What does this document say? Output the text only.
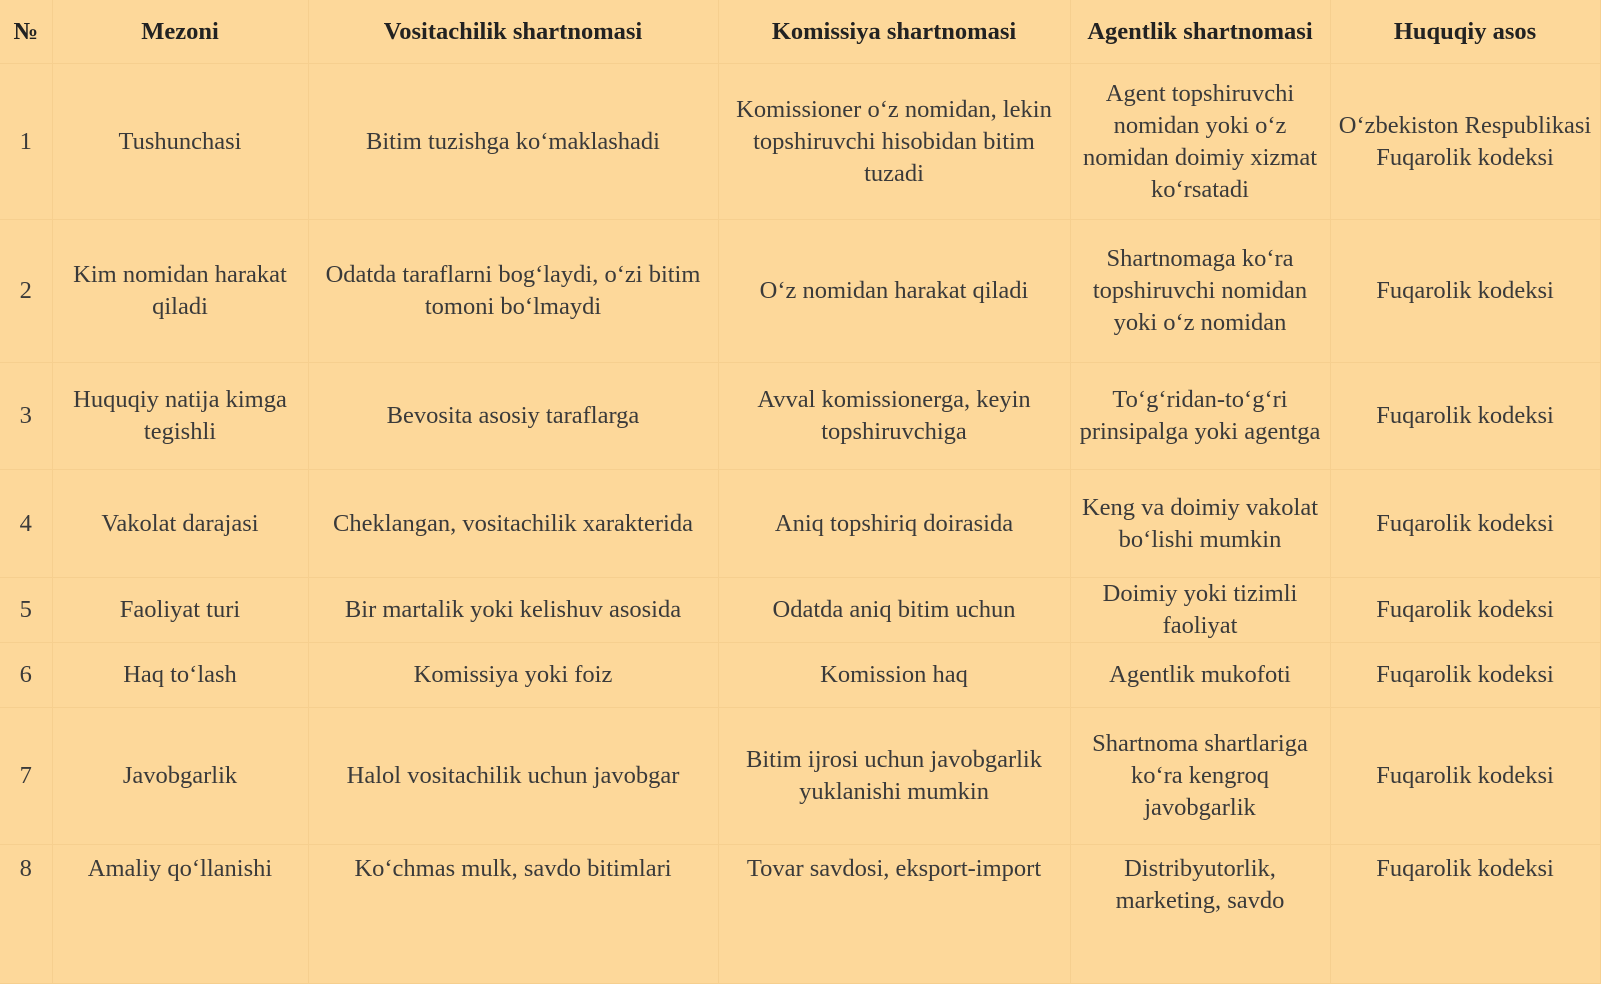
№	Mezoni	Vositachilik shartnomasi	Komissiya shartnomasi	Agentlik shartnomasi	Huquqiy asos
1	Tushunchasi	Bitim tuzishga ko‘maklashadi	Komissioner o‘z nomidan, lekin topshiruvchi hisobidan bitim tuzadi	Agent topshiruvchi nomidan yoki o‘z nomidan doimiy xizmat ko‘rsatadi	O‘zbekiston Respublikasi Fuqarolik kodeksi
2	Kim nomidan harakat qiladi	Odatda taraflarni bog‘laydi, o‘zi bitim tomoni bo‘lmaydi	O‘z nomidan harakat qiladi	Shartnomaga ko‘ra topshiruvchi nomidan yoki o‘z nomidan	Fuqarolik kodeksi
3	Huquqiy natija kimga tegishli	Bevosita asosiy taraflarga	Avval komissionerga, keyin topshiruvchiga	To‘g‘ridan-to‘g‘ri prinsipalga yoki agentga	Fuqarolik kodeksi
4	Vakolat darajasi	Cheklangan, vositachilik xarakterida	Aniq topshiriq doirasida	Keng va doimiy vakolat bo‘lishi mumkin	Fuqarolik kodeksi
5	Faoliyat turi	Bir martalik yoki kelishuv asosida	Odatda aniq bitim uchun	Doimiy yoki tizimli faoliyat	Fuqarolik kodeksi
6	Haq to‘lash	Komissiya yoki foiz	Komission haq	Agentlik mukofoti	Fuqarolik kodeksi
7	Javobgarlik	Halol vositachilik uchun javobgar	Bitim ijrosi uchun javobgarlik yuklanishi mumkin	Shartnoma shartlariga ko‘ra kengroq javobgarlik	Fuqarolik kodeksi
8	Amaliy qo‘llanishi	Ko‘chmas mulk, savdo bitimlari	Tovar savdosi, eksport-import	Distribyutorlik, marketing, savdo	Fuqarolik kodeksi
